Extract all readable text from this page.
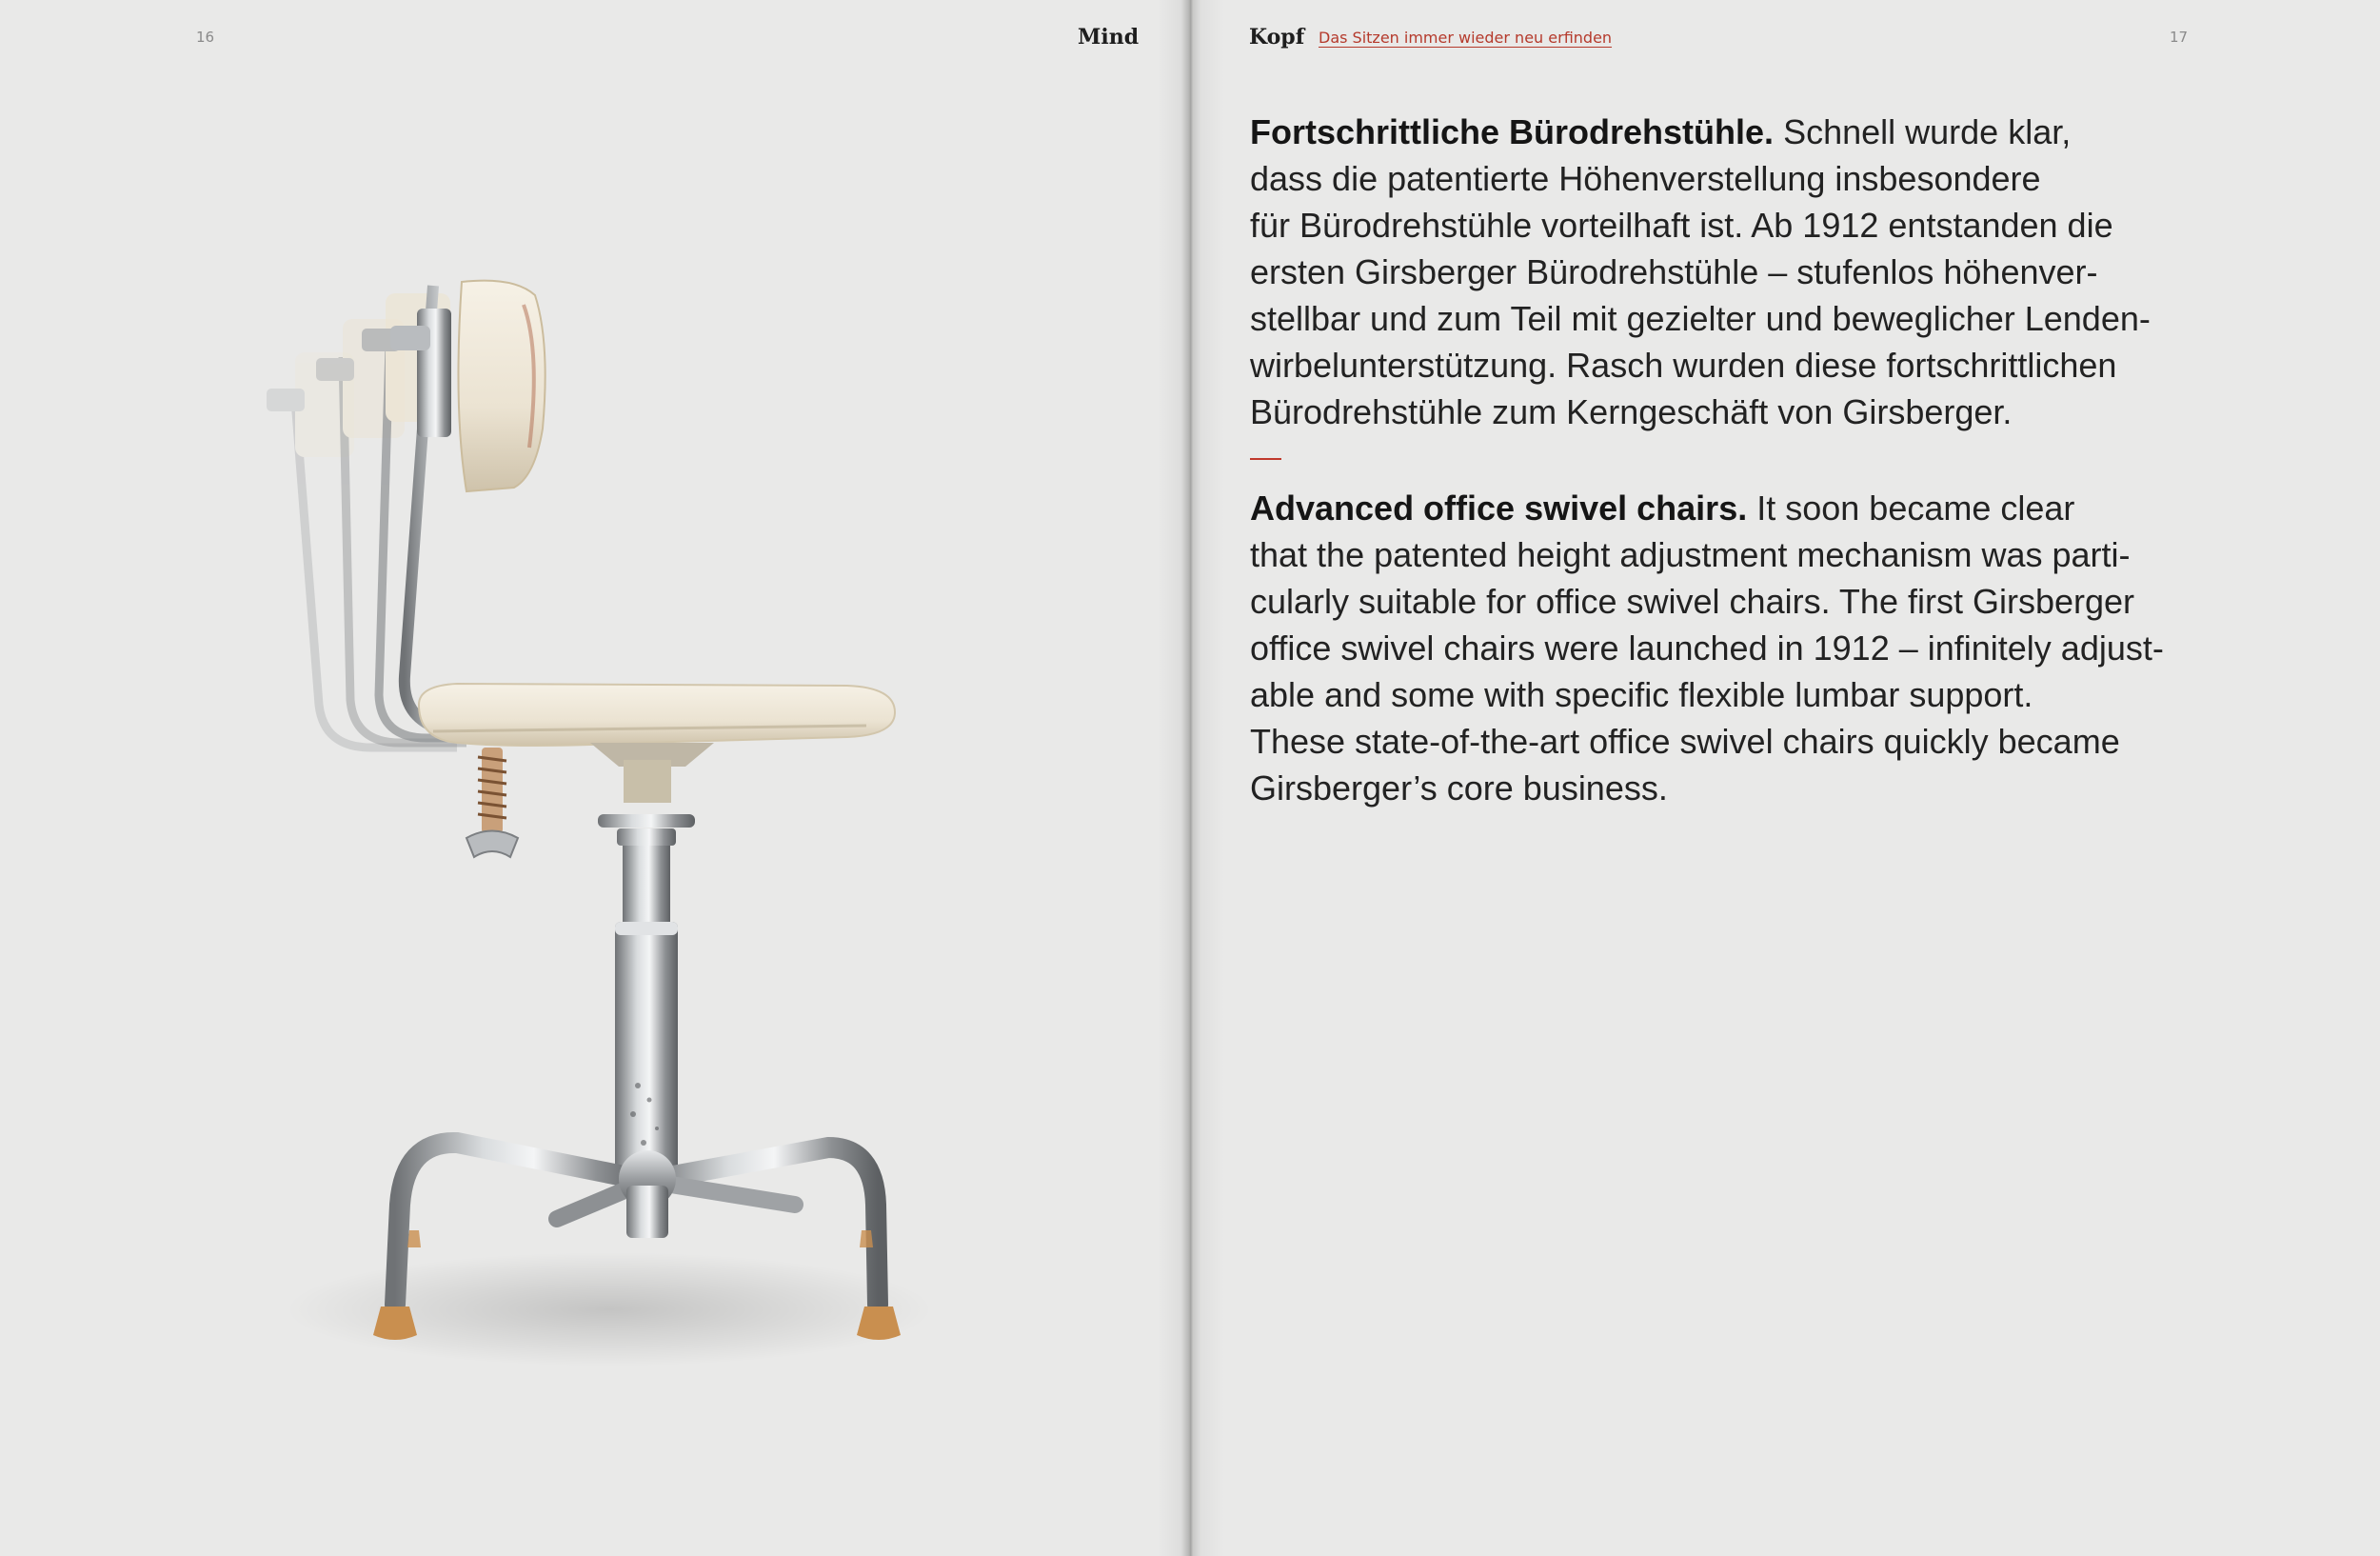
16	Mind	Kopf Das Sitzen immer wieder neu erfinden	17

Fortschrittliche Bürodrehstühle. Schnell wurde klar,
dass die patentierte Höhenverstellung insbesondere
für Bürodrehstühle vorteilhaft ist. Ab 1912 entstanden die
ersten Girsberger Bürodrehstühle – stufenlos höhenver-
stellbar und zum Teil mit gezielter und beweglicher Lenden-
wirbelunterstützung. Rasch wurden diese fortschrittlichen
Bürodrehstühle zum Kerngeschäft von Girsberger.

Advanced office swivel chairs. It soon became clear
that the patented height adjustment mechanism was parti-
cularly suitable for office swivel chairs. The first Girsberger
office swivel chairs were launched in 1912 – infinitely adjust-
able and some with specific flexible lumbar support.
These state-of-the-art office swivel chairs quickly became
Girsberger’s core business.
